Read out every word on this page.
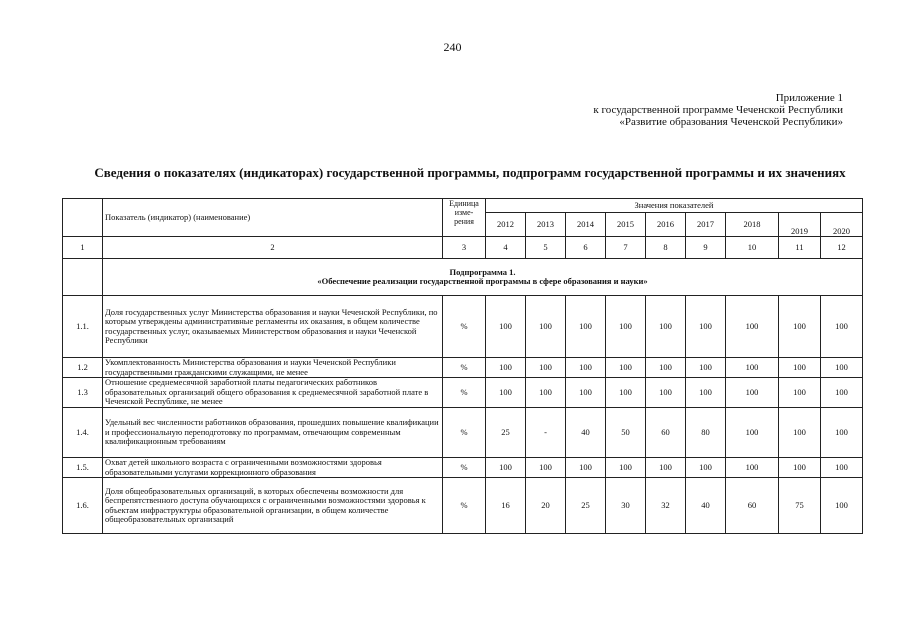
240
Приложение 1
к государственной программе Чеченской Республики
«Развитие образования Чеченской Республики»
Сведения о показателях (индикаторах) государственной программы, подпрограмм государственной программы и их значениях
	Показатель (индикатор) (наименование)	Единица изме- рения	Значения показателей								
			2012	2013	2014	2015	2016	2017	2018	2019	2020
1	2	3	4	5	6	7	8	9	10	11	12

	Подпрограмма 1.
«Обеспечение реализации государственной программы в сфере образования и науки»										

1.1.	Доля государственных услуг Министерства образования и науки Чеченской Республики, по которым утверждены административные регламенты их оказания, в общем количестве государственных услуг, оказываемых Министерством образования и науки Чеченской Республики	%	100	100	100	100	100	100	100	100	100
1.2	Укомплектованность Министерства образования и науки Чеченской Республики государственными гражданскими служащими, не менее	%	100	100	100	100	100	100	100	100	100
1.3	Отношение среднемесячной заработной платы педагогических работников образовательных организаций общего образования к среднемесячной заработной плате в Чеченской Республике, не менее	%	100	100	100	100	100	100	100	100	100
1.4.	Удельный вес численности работников образования, прошедших повышение квалификации и профессиональную переподготовку по программам, отвечающим современным квалификационным требованиям	%	25	-	40	50	60	80	100	100	100
1.5.	Охват детей школьного возраста с ограниченными возможностями здоровья образовательными услугами коррекционного образования	%	100	100	100	100	100	100	100	100	100
1.6.	Доля общеобразовательных организаций, в которых обеспечены возможности для беспрепятственного доступа обучающихся с ограниченными возможностями здоровья к объектам инфраструктуры образовательной организации, в общем количестве общеобразовательных организаций	%	16	20	25	30	32	40	60	75	100
